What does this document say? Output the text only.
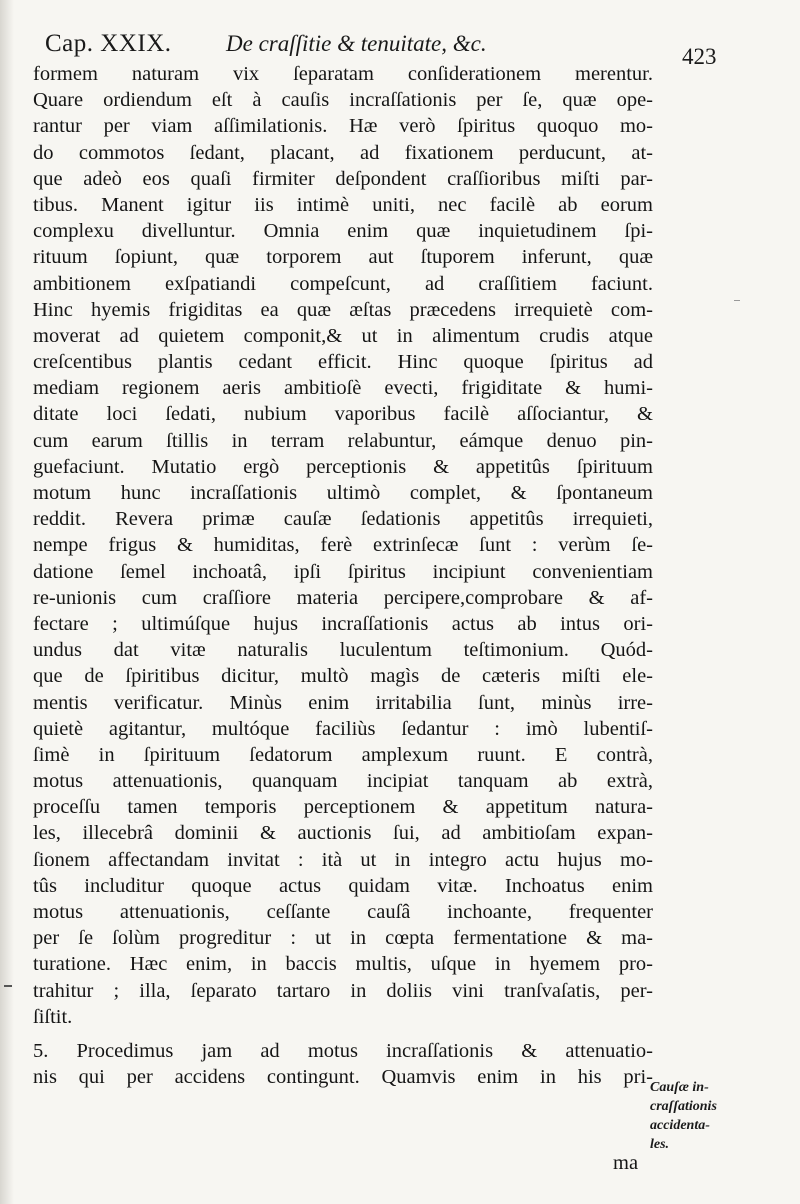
Cap. XXIX. De craſſitie & tenuitate, &c.
423
formem naturam vix ſeparatam conſiderationem merentur.
Quare ordiendum eſt à cauſis incraſſationis per ſe, quæ ope-
rantur per viam aſſimilationis. Hæ verò ſpiritus quoquo mo-
do commotos ſedant, placant, ad fixationem perducunt, at-
que adeò eos quaſi firmiter deſpondent craſſioribus miſti par-
tibus. Manent igitur iis intimè uniti, nec facilè ab eorum
complexu divelluntur. Omnia enim quæ inquietudinem ſpi-
rituum ſopiunt, quæ torporem aut ſtuporem inferunt, quæ
ambitionem exſpatiandi compeſcunt, ad craſſitiem faciunt.
Hinc hyemis frigiditas ea quæ æſtas præcedens irrequietè com-
moverat ad quietem componit,& ut in alimentum crudis atque
creſcentibus plantis cedant efficit. Hinc quoque ſpiritus ad
mediam regionem aeris ambitioſè evecti, frigiditate & humi-
ditate loci ſedati, nubium vaporibus facilè aſſociantur, &
cum earum ſtillis in terram relabuntur, eámque denuo pin-
guefaciunt. Mutatio ergò perceptionis & appetitûs ſpirituum
motum hunc incraſſationis ultimò complet, & ſpontaneum
reddit. Revera primæ cauſæ ſedationis appetitûs irrequieti,
nempe frigus & humiditas, ferè extrinſecæ ſunt : verùm ſe-
datione ſemel inchoatâ, ipſi ſpiritus incipiunt convenientiam
re-unionis cum craſſiore materia percipere,comprobare & af-
fectare ; ultimúſque hujus incraſſationis actus ab intus ori-
undus dat vitæ naturalis luculentum teſtimonium. Quód-
que de ſpiritibus dicitur, multò magìs de cæteris miſti ele-
mentis verificatur. Minùs enim irritabilia ſunt, minùs irre-
quietè agitantur, multóque faciliùs ſedantur : imò lubentiſ-
ſimè in ſpirituum ſedatorum amplexum ruunt. E contrà,
motus attenuationis, quanquam incipiat tanquam ab extrà,
proceſſu tamen temporis perceptionem & appetitum natura-
les, illecebrâ dominii & auctionis ſui, ad ambitioſam expan-
ſionem affectandam invitat : ità ut in integro actu hujus mo-
tûs includitur quoque actus quidam vitæ. Inchoatus enim
motus attenuationis, ceſſante cauſâ inchoante, frequenter
per ſe ſolùm progreditur : ut in cœpta fermentatione & ma-
turatione. Hæc enim, in baccis multis, uſque in hyemem pro-
trahitur ; illa, ſeparato tartaro in doliis vini tranſvaſatis, per-
ſiſtit.
5. Procedimus jam ad motus incraſſationis & attenuatio-
nis qui per accidens contingunt. Quamvis enim in his pri-
ma
Cauſæ in-
craſſationis
accidenta-
les.
